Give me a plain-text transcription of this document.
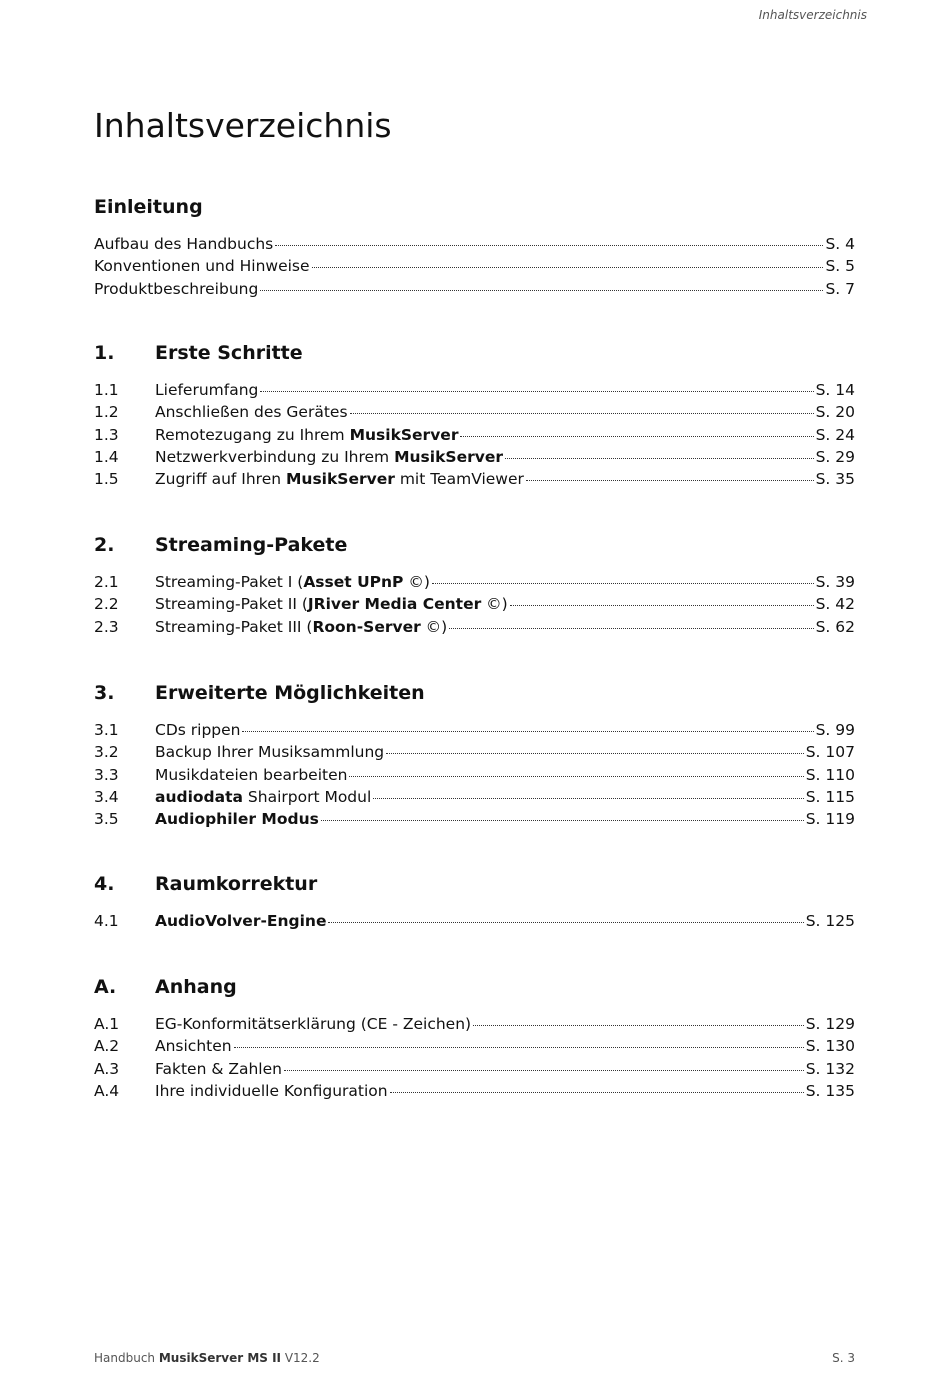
Inhaltsverzeichnis
Inhaltsverzeichnis
Einleitung
Aufbau des Handbuchs	S. 4
Konventionen und Hinweise	S. 5
Produktbeschreibung	S. 7
1.	Erste Schritte
1.1	Lieferumfang	S. 14
1.2	Anschließen des Gerätes	S. 20
1.3	Remotezugang zu Ihrem MusikServer	S. 24
1.4	Netzwerkverbindung zu Ihrem MusikServer	S. 29
1.5	Zugriff auf Ihren MusikServer mit TeamViewer	S. 35
2.	Streaming-Pakete
2.1	Streaming-Paket I (Asset UPnP ©)	S. 39
2.2	Streaming-Paket II (JRiver Media Center ©)	S. 42
2.3	Streaming-Paket III (Roon-Server ©)	S. 62
3.	Erweiterte Möglichkeiten
3.1	CDs rippen	S. 99
3.2	Backup Ihrer Musiksammlung	S. 107
3.3	Musikdateien bearbeiten	S. 110
3.4	audiodata Shairport Modul	S. 115
3.5	Audiophiler Modus	S. 119
4.	Raumkorrektur
4.1	AudioVolver-Engine	S. 125
A.	Anhang
A.1	EG-Konformitätserklärung (CE - Zeichen)	S. 129
A.2	Ansichten	S. 130
A.3	Fakten & Zahlen	S. 132
A.4	Ihre individuelle Konfiguration	S. 135
Handbuch MusikServer MS II V12.2	S. 3
